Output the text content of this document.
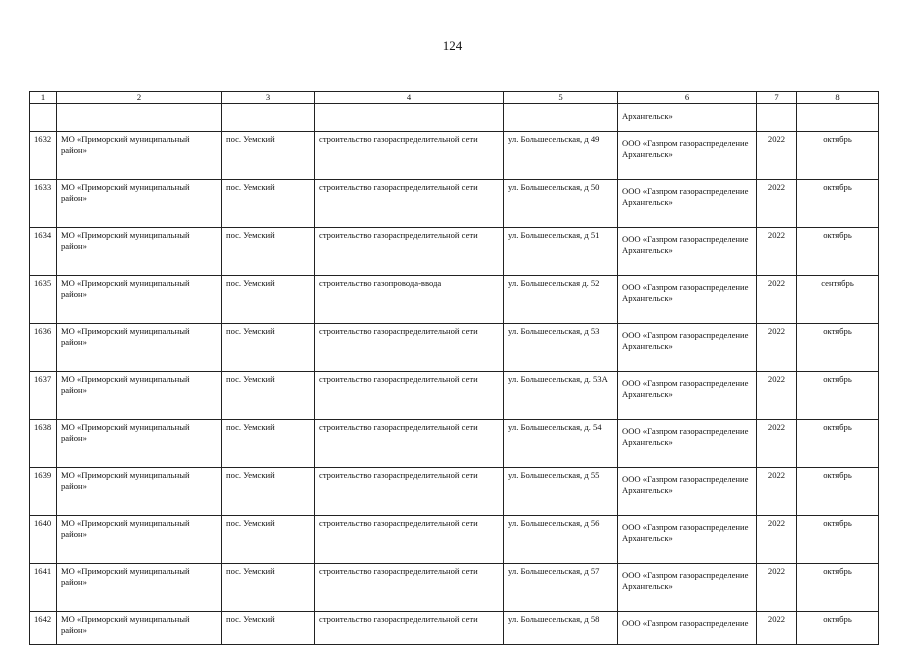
124
1	2	3	4	5	6	7	8
					Архангельск»		
1632	МО «Приморский муниципальный район»	пос. Уемский	строительство газораспределительной сети	ул. Большесельская, д 49	ООО «Газпром газораспределение Архангельск»	2022	октябрь
1633	МО «Приморский муниципальный район»	пос. Уемский	строительство газораспределительной сети	ул. Большесельская, д 50	ООО «Газпром газораспределение Архангельск»	2022	октябрь
1634	МО «Приморский муниципальный район»	пос. Уемский	строительство газораспределительной сети	ул. Большесельская, д 51	ООО «Газпром газораспределение Архангельск»	2022	октябрь
1635	МО «Приморский муниципальный район»	пос. Уемский	строительство газопровода-ввода	ул. Большесельская д. 52	ООО «Газпром газораспределение Архангельск»	2022	сентябрь
1636	МО «Приморский муниципальный район»	пос. Уемский	строительство газораспределительной сети	ул. Большесельская, д 53	ООО «Газпром газораспределение Архангельск»	2022	октябрь
1637	МО «Приморский муниципальный район»	пос. Уемский	строительство газораспределительной сети	ул. Большесельская, д. 53А	ООО «Газпром газораспределение Архангельск»	2022	октябрь
1638	МО «Приморский муниципальный район»	пос. Уемский	строительство газораспределительной сети	ул. Большесельская, д. 54	ООО «Газпром газораспределение Архангельск»	2022	октябрь
1639	МО «Приморский муниципальный район»	пос. Уемский	строительство газораспределительной сети	ул. Большесельская, д 55	ООО «Газпром газораспределение Архангельск»	2022	октябрь
1640	МО «Приморский муниципальный район»	пос. Уемский	строительство газораспределительной сети	ул. Большесельская, д 56	ООО «Газпром газораспределение Архангельск»	2022	октябрь
1641	МО «Приморский муниципальный район»	пос. Уемский	строительство газораспределительной сети	ул. Большесельская, д 57	ООО «Газпром газораспределение Архангельск»	2022	октябрь
1642	МО «Приморский муниципальный район»	пос. Уемский	строительство газораспределительной сети	ул. Большесельская, д 58	ООО «Газпром газораспределение	2022	октябрь
